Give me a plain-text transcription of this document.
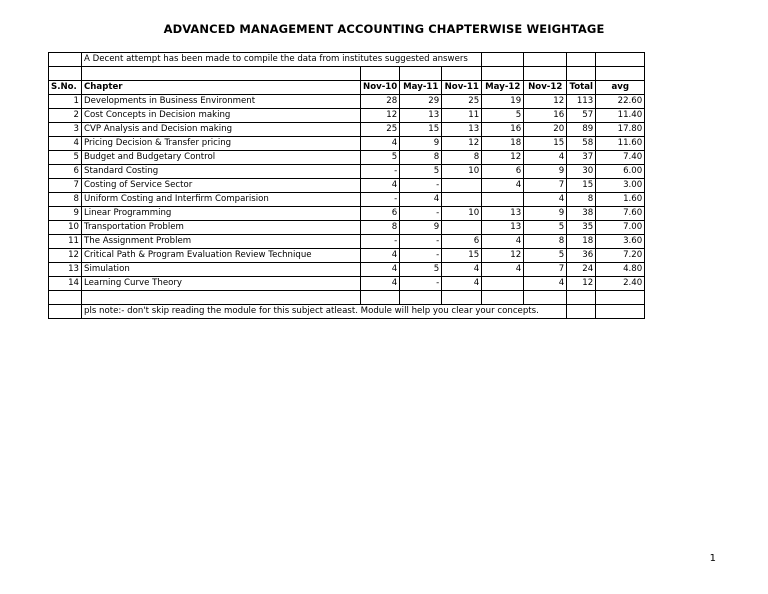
ADVANCED MANAGEMENT ACCOUNTING CHAPTERWISE WEIGHTAGE
	A Decent attempt has been made to compile the data from institutes suggested answers							

S.No.	Chapter	Nov-10	May-11	Nov-11	May-12	Nov-12	Total	avg
1	Developments in Business Environment	28	29	25	19	12	113	22.60
2	Cost Concepts in Decision making	12	13	11	5	16	57	11.40
3	CVP Analysis and Decision making	25	15	13	16	20	89	17.80
4	Pricing Decision & Transfer pricing	4	9	12	18	15	58	11.60
5	Budget and Budgetary Control	5	8	8	12	4	37	7.40
6	Standard Costing	-	5	10	6	9	30	6.00
7	Costing of Service Sector	4	-		4	7	15	3.00
8	Uniform Costing and Interfirm Comparision	-	4			4	8	1.60
9	Linear Programming	6	-	10	13	9	38	7.60
10	Transportation Problem	8	9		13	5	35	7.00
11	The Assignment Problem	-	-	6	4	8	18	3.60
12	Critical Path & Program Evaluation Review Technique	4	-	15	12	5	36	7.20
13	Simulation	4	5	4	4	7	24	4.80
14	Learning Curve Theory	4	-	4		4	12	2.40

	pls note:- don't skip reading the module for this subject atleast. Module will help you clear your concepts.							
1
